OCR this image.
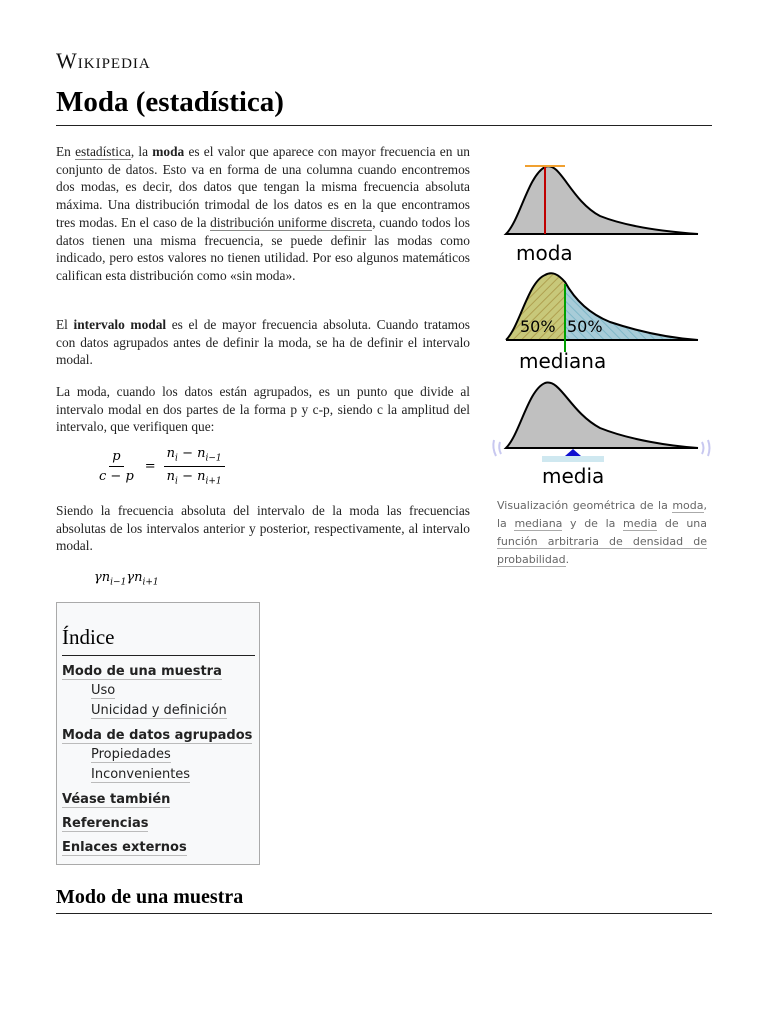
Wikipedia
Moda (estadística)

En estadística, la moda es el valor que aparece con mayor frecuencia en un conjunto de datos. Esto va en forma de una columna cuando encontremos dos modas, es decir, dos datos que tengan la misma frecuencia absoluta máxima. Una distribución trimodal de los datos es en la que encontramos tres modas. En el caso de la distribución uniforme discreta, cuando todos los datos tienen una misma frecuencia, se puede definir las modas como indicado, pero estos valores no tienen utilidad. Por eso algunos matemáticos califican esta distribución como «sin moda».

El intervalo modal es el de mayor frecuencia absoluta. Cuando tratamos con datos agrupados antes de definir la moda, se ha de definir el intervalo modal.

La moda, cuando los datos están agrupados, es un punto que divide al intervalo modal en dos partes de la forma p y c-p, siendo c la amplitud del intervalo, que verifiquen que:

$\frac{p}{c - p} = \frac{n_i - n_{i-1}}{n_i - n_{i+1}}$

Siendo la frecuencia absoluta del intervalo de la moda las frecuencias absolutas de los intervalos anterior y posterior, respectivamente, al intervalo modal.

$\gamma n_{i-1}\gamma n_{i+1}$
Índice
Modo de una muestra
Uso
Unicidad y definición
Moda de datos agrupados
Propiedades
Inconvenientes
Véase también
Referencias
Enlaces externos
Modo de una muestra
moda
50% 50%
mediana
media
Visualización geométrica de la moda, la mediana y de la media de una función arbitraria de densidad de probabilidad.
